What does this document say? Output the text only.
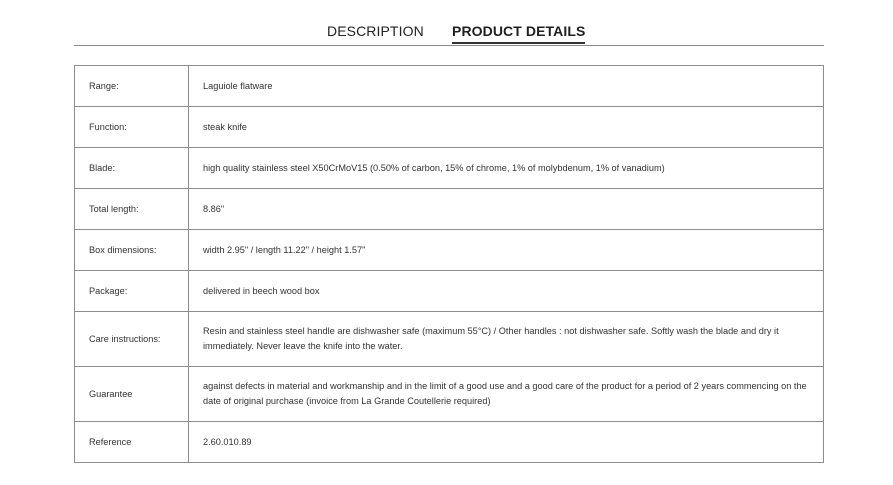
DESCRIPTION PRODUCT DETAILS
Range:	Laguiole flatware
Function:	steak knife
Blade:	high quality stainless steel X50CrMoV15 (0.50% of carbon, 15% of chrome, 1% of molybdenum, 1% of vanadium)
Total length:	8.86"
Box dimensions:	width 2.95" / length 11.22" / height 1.57"
Package:	delivered in beech wood box
Care instructions:	Resin and stainless steel handle are dishwasher safe (maximum 55°C) / Other handles : not dishwasher safe. Softly wash the blade and dry it immediately. Never leave the knife into the water.
Guarantee	against defects in material and workmanship and in the limit of a good use and a good care of the product for a period of 2 years commencing on the date of original purchase (invoice from La Grande Coutellerie required)
Reference	2.60.010.89
